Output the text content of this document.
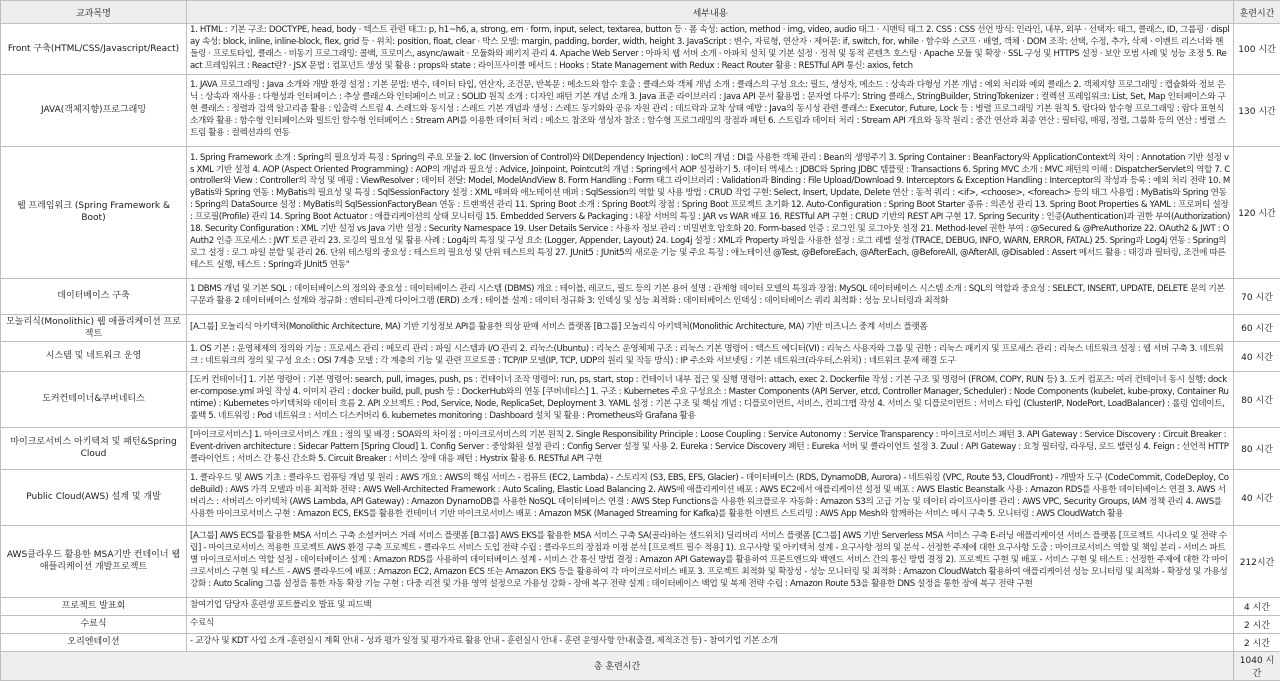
교과목명	세부내용	훈련시간
Front 구축(HTML/CSS/Javascript/React)	1. HTML : 기본 구조: DOCTYPE, head, body · 텍스트 관련 태그: p, h1~h6, a, strong, em · form, input, select, textarea, button 등 · 폼 속성: action, method · img, video, audio 태그 · 시맨틱 태그 2. CSS : CSS 선언 방식: 인라인, 내부, 외부 · 선택자: 태그, 클래스, ID, 그룹핑 · display 속성: block, inline, inline-block, flex, grid 등 · 위치: position, float, clear · 박스 모델: margin, padding, border, width, height 3. JavaScript : 변수, 자료형, 연산자 · 제어문: if, switch, for, while · 함수와 스코프 · 배열, 객체 · DOM 조작: 선택, 수정, 추가, 삭제 · 이벤트 리스너와 핸들링 · 프로토타입, 클래스 · 비동기 프로그래밍: 콜백, 프로미스, async/await · 모듈화와 패키지 관리 4. Apache Web Server : 아파치 웹 서버 소개 · 아파치 설치 및 기본 설정 · 정적 및 동적 콘텐츠 호스팅 · Apache 모듈 및 확장 · SSL 구성 및 HTTPS 설정 · 보안 모범 사례 및 성능 조정 5. React 프레임워크 : React란? · JSX 문법 : 컴포넌트 생성 및 활용 : props와 state : 라이프사이클 메서드 : Hooks : State Management with Redux : React Router 활용 : RESTful API 통신: axios, fetch	100 시간
JAVA(객체지향)프로그래밍	1. JAVA 프로그래밍 : Java 소개와 개발 환경 설정 : 기본 문법: 변수, 데이터 타입, 연산자, 조건문, 반복문 : 메소드와 함수 호출 : 클래스와 객체 개념 소개 : 클래스의 구성 요소: 필드, 생성자, 메소드 : 상속과 다형성 기본 개념 : 예외 처리와 예외 클래스 2. 객체지향 프로그래밍 : 캡슐화와 정보 은닉 : 상속과 재사용 : 다형성과 인터페이스 : 추상 클래스와 인터페이스 비교 : SOLID 원칙 소개 : 디자인 패턴 기본 개념 소개 3. Java 표준 라이브러리 : Java API 문서 활용법 : 문자열 다루기: String 클래스, StringBuilder, StringTokenizer : 컬렉션 프레임워크: List, Set, Map 인터페이스와 구현 클래스 : 정렬과 검색 알고리즘 활용 : 입출력 스트림 4. 스레드와 동시성 : 스레드 기본 개념과 생성 : 스레드 동기화와 공유 자원 관리 : 데드락과 교착 상태 예방 : Java의 동시성 관련 클래스: Executor, Future, Lock 등 : 병렬 프로그래밍 기본 원칙 5. 람다와 함수형 프로그래밍 : 람다 표현식 소개와 활용 : 함수형 인터페이스와 빌트인 함수형 인터페이스 : Stream API를 이용한 데이터 처리 : 메소드 참조와 생성자 참조 : 함수형 프로그래밍의 장점과 패턴 6. 스트림과 데이터 처리 : Stream API 개요와 동작 원리 : 중간 연산과 최종 연산 : 필터링, 매핑, 정렬, 그룹화 등의 연산 : 병렬 스트림 활용 : 컬렉션과의 연동	130 시간
웹 프레임워크 (Spring Framework & Boot)	1. Spring Framework 소개 : Spring의 필요성과 특징 : Spring의 주요 모듈 2. IoC (Inversion of Control)와 DI(Dependency Injection) : IoC의 개념 : DI를 사용한 객체 관리 : Bean의 생명주기 3. Spring Container : BeanFactory와 ApplicationContext의 차이 : Annotation 기반 설정 vs XML 기반 설정 4. AOP (Aspect Oriented Programming) : AOP의 개념과 필요성 : Advice, Joinpoint, Pointcut의 개념 : Spring에서 AOP 설정하기 5. 데이터 엑세스 : JDBC와 Spring JDBC 템플릿 : Transactions 6. Spring MVC 소개 : MVC 패턴의 이해 : DispatcherServlet의 역할 7. Controller와 View : Controller의 작성 및 매핑 : ViewResolver : 데이터 전달: Model, ModelAndView 8. Form Handling : Form 태그 라이브러리 : Validation과 Binding : File Upload/Download 9. Interceptors & Exception Handling : Interceptor의 작성과 등록 : 예외 처리 전략 10. MyBatis와 Spring 연동 : MyBatis의 필요성 및 특징 : SqlSessionFactory 설정 : XML 매퍼와 애노테이션 매퍼 : SqlSession의 역할 및 사용 방법 : CRUD 작업 구현: Select, Insert, Update, Delete 연산 : 동적 쿼리 : <if>, <choose>, <foreach> 등의 태그 사용법 : MyBatis와 Spring 연동 : Spring의 DataSource 설정 : MyBatis의 SqlSessionFactoryBean 연동 : 트랜잭션 관리 11. Spring Boot 소개 : Spring Boot의 장점 : Spring Boot 프로젝트 초기화 12. Auto-Configuration : Spring Boot Starter 종류 : 의존성 관리 13. Spring Boot Properties & YAML : 프로퍼티 설정 : 프로필(Profile) 관리 14. Spring Boot Actuator : 애플리케이션의 상태 모니터링 15. Embedded Servers & Packaging : 내장 서버의 특징 : JAR vs WAR 배포 16. RESTful API 구현 : CRUD 기반의 REST API 구현 17. Spring Security : 인증(Authentication)과 권한 부여(Authorization) 18. Security Configuration : XML 기반 설정 vs Java 기반 설정 : Security Namespace 19. User Details Service : 사용자 정보 관리 : 비밀번호 암호화 20. Form-based 인증 : 로그인 및 로그아웃 설정 21. Method-level 권한 부여 : @Secured & @PreAuthorize 22. OAuth2 & JWT : OAuth2 인증 프로세스 : JWT 토큰 관리 23. 로깅의 필요성 및 활용 사례 : Log4j의 특징 및 구성 요소 (Logger, Appender, Layout) 24. Log4j 설정 : XML과 Property 파일을 사용한 설정 : 로그 레벨 설정 (TRACE, DEBUG, INFO, WARN, ERROR, FATAL) 25. Spring과 Log4j 연동 : Spring의 로그 설정 : 로그 파일 분할 및 관리 26. 단위 테스팅의 중요성 : 테스트의 필요성 및 단위 테스트의 특징 27. JUnit5 : JUnit5의 새로운 기능 및 주요 특징 : 애노테이션 @Test, @BeforeEach, @AfterEach, @BeforeAll, @AfterAll, @Disabled : Assert 메서드 활용 : 태깅과 필터링, 조건에 따른 테스트 실행, 테스트 : Spring과 JUnit5 연동"	120 시간
데이터베이스 구축	1 DBMS 개념 및 기본 SQL : 데이터베이스의 정의와 중요성 : 데이터베이스 관리 시스템 (DBMS) 개요 : 테이블, 레코드, 필드 등의 기본 용어 설명 : 관계형 데이터 모델의 특징과 장점: MySQL 데이터베이스 시스템 소개 : SQL의 역할과 중요성 : SELECT, INSERT, UPDATE, DELETE 문의 기본 구문과 활용 2 데이터베이스 설계와 정규화 : 엔티티-관계 다이어그램 (ERD) 소개 : 테이블 설계 : 데이터 정규화 3: 인덱싱 및 성능 최적화 : 데이터베이스 인덱싱 : 데이터베이스 쿼리 최적화 : 성능 모니터링과 최적화	70 시간
모놀리식(Monolithic) 웹 애플리케이션 프로젝트	[A그룹] 모놀리식 아키텍처(Monolithic Architecture, MA) 기반 기성정보 API를 활용한 의상 판매 서비스 플랫폼 [B그룹] 모놀리식 아키텍처(Monolithic Architecture, MA) 기반 비즈니스 중계 서비스 플랫폼	60 시간
시스템 및 네트워크 운영	1. OS 기본 : 운영체제의 정의와 기능 : 프로세스 관리 : 메모리 관리 : 파일 시스템과 I/O 관리 2. 리눅스(Ubuntu) : 리눅스 운영체제 구조 : 리눅스 기본 명령어 : 텍스트 에디터(VI) : 리눅스 사용자와 그룹 및 권한 : 리눅스 패키지 및 프로세스 관리 : 리눅스 네트워크 설정 : 웹 서버 구축 3. 네트워크 : 네트워크의 정의 및 구성 요소 : OSI 7계층 모델 : 각 계층의 기능 및 관련 프로토콜 : TCP/IP 모델(IP, TCP, UDP의 원리 및 작동 방식) : IP 주소와 서브넷팅 : 기본 네트워크(라우터,스위치) : 네트워크 문제 해결 도구	40 시간
도커컨테이너&쿠버네티스	[도커 컨테이너] 1. 기본 명령어 : 기본 명령어: search, pull, images, push, ps : 컨테이너 조작 명령어: run, ps, start, stop : 컨테이너 내부 접근 및 실행 명령어: attach, exec 2. Dockerfile 작성 : 기본 구조 및 명령어 (FROM, COPY, RUN 등) 3. 도커 컴포즈: 여러 컨테이너 동시 실행: docker-compose.yml 파일 작성 4. 이미지 관리 : docker build, pull, push 등 : DockerHub와의 연동 [쿠버네티스] 1. 구조 : Kubernetes 주요 구성요소 : Master Components (API Server, etcd, Controller Manager, Scheduler) : Node Components (kubelet, kube-proxy, Container Runtime) : Kubernetes 아키텍처와 데이터 흐름 2. API 오브젝트 : Pod, Service, Node, ReplicaSet, Deployment 3. YAML 설정 : 기본 구조 및 핵심 개념 : 디플로이먼트, 서비스, 컨피그맵 작성 4. 서비스 및 디플로이먼트 : 서비스 타입 (ClusterIP, NodePort, LoadBalancer) : 롤링 업데이트, 롤백 5. 네트워킹 : Pod 네트워크 : 서비스 디스커버리 6. kubernetes monitoring : Dashboard 설치 및 활용 : Prometheus와 Grafana 활용	80 시간
마이크로서비스 아키텍쳐 및 패턴&Spring Cloud	[마이크로서비스] 1. 마이크로서비스 개요 : 정의 및 배경 : SOA와의 차이점 : 마이크로서비스의 기본 원칙 2. Single Responsibility Principle : Loose Coupling : Service Autonomy : Service Transparency : 마이크로서비스 패턴 3. API Gateway : Service Discovery : Circuit Breaker : Event-driven architecture : Sidecar Pattern [Spring Cloud] 1. Config Server : 중앙화된 설정 관리 : Config Server 설정 및 사용 2. Eureka : Service Discovery 패턴 : Eureka 서버 및 클라이언트 설정 3. Zuul : API Gateway : 요청 필터링, 라우팅, 로드 밸런싱 4. Feign : 선언적 HTTP 클라이언트 : 서비스 간 통신 간소화 5. Circuit Breaker : 서비스 장애 대응 패턴 : Hystrix 활용 6. RESTful API 구현	80 시간
Public Cloud(AWS) 설계 및 개발	1. 클라우드 및 AWS 기초 : 클라우드 컴퓨팅 개념 및 원리 : AWS 개요 : AWS의 핵심 서비스 - 컴퓨트 (EC2, Lambda) - 스토리지 (S3, EBS, EFS, Glacier) - 데이터베이스 (RDS, DynamoDB, Aurora) - 네트워킹 (VPC, Route 53, CloudFront) - 개발자 도구 (CodeCommit, CodeDeploy, CodeBuild) : AWS 가격 모델과 비용 최적화 전략 : AWS Well-Architected Framework : Auto Scaling, Elastic Load Balancing 2. AWS에 애플리케이션 배포 : AWS EC2에서 애플리케이션 설정 및 배포 : AWS Elastic Beanstalk 사용 : Amazon RDS를 사용한 데이터베이스 연결 3. AWS 서버리스 : 서버리스 아키텍처 (AWS Lambda, API Gateway) : Amazon DynamoDB를 사용한 NoSQL 데이터베이스 연결 : AWS Step Functions을 사용한 워크플로우 자동화 : Amazon S3의 고급 기능 및 데이터 라이프사이클 관리 : AWS VPC, Security Groups, IAM 정책 관리 4. AWS를 사용한 마이크로서비스 구현 : Amazon ECS, EKS를 활용한 컨테이너 기반 마이크로서비스 배포 : Amazon MSK (Managed Streaming for Kafka)를 활용한 이벤트 스트리밍 : AWS App Mesh와 함께하는 서비스 메시 구축 5. 모니터링 : AWS CloudWatch 활용	40 시간
AWS클라우드 활용한 MSA기반 컨테이너 웹 애플리케이션 개발프로젝트	[A그룹] AWS ECS를 활용한 MSA 서비스 구축 소셜커머스 거래 서비스 플랫폼 [B그룹] AWS EKS를 활용한 MSA 서비스 구축 SA(골라)하는 센드위치) 딜리버리 서비스 플랫폼 [C그룹] AWS 기반 Serverless MSA 서비스 구축 E-러닝 애플리케이션 서비스 플랫폼 [프로젝트 시나리오 및 전략 수립] - 마이크로서비스 적용한 프로젝트 AWS 환경 구축 프로젝트 - 클라우드 서비스 도입 전략 수립 : 클라우드의 장점과 이점 분석 [프로젝트 필수 적용] 1). 요구사항 및 아키텍처 설계 - 요구사항 정의 및 분석 - 선정한 주제에 대한 요구사항 도출 : 마이크로서비스 역할 및 책임 분리 - 서비스 파트별 마이크로서비스 역할 설정 - 데이터베이스 설계 : Amazon RDS를 사용하여 데이터베이스 설계 - 서비스 간 통신 방법 결정 : Amazon API Gateway를 활용하여 프론트엔드와 백엔드 서비스 간의 통신 방법 결정 2). 프로젝트 구현 및 배포 - 서비스 구현 및 테스트 : 선정한 주제에 대한 각 마이크로서비스 구현 및 테스트 - AWS 클라우드에 배포 : Amazon EC2, Amazon ECS 또는 Amazon EKS 등을 활용하여 각 마이크로서비스 배포 3. 프로젝트 최적화 및 확장성 - 성능 모니터링 및 최적화 : Amazon CloudWatch 활용하여 애플리케이션 성능 모니터링 및 최적화 - 확장성 및 가용성 강화 : Auto Scaling 그룹 설정을 통한 자동 확장 기능 구현 : 다중 리전 및 가용 영역 설정으로 가용성 강화 - 장애 복구 전략 설계 : 데이터베이스 백업 및 복제 전략 수립 : Amazon Route 53을 활용한 DNS 설정을 통한 장애 복구 전략 구현	212시간
프로젝트 발표회	참여기업 담당자 훈련생 포트폴리오 발표 및 피드백	4 시간
수료식	수료식	2 시간
오리엔테이션	- 교강사 및 KDT 사업 소개 -훈련실시 계획 안내 - 성과 평가 일정 및 평가자료 활용 안내 - 훈련실시 안내 - 훈련 운영사항 안내(출결, 제적조건 등) - 참여기업 기본 소개	2 시간
총 훈련시간		1040 시간
